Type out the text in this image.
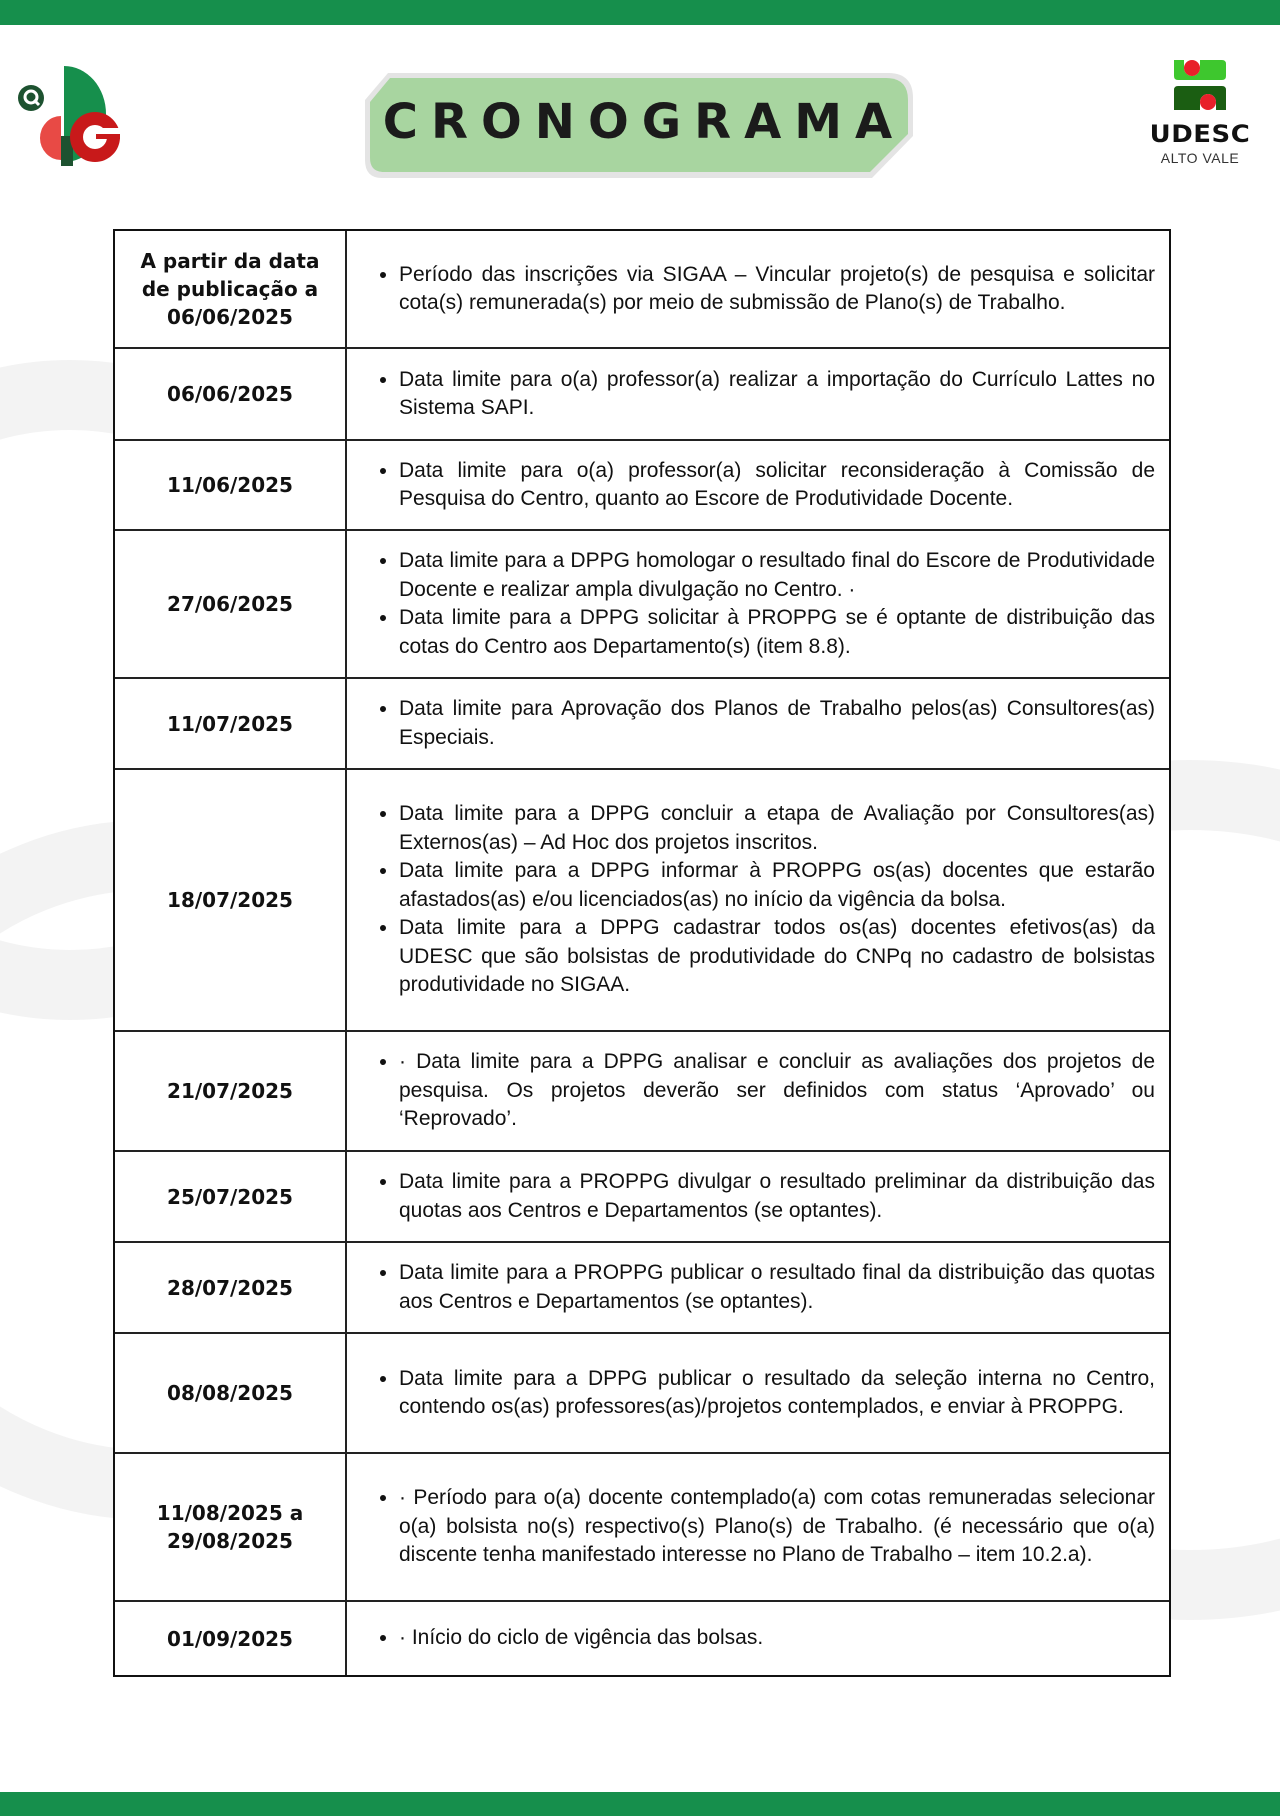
CRONOGRAMA	UDESC
ALTO VALE
A partir da data de publicação a 06/06/2025
• Período das inscrições via SIGAA – Vincular projeto(s) de pesquisa e solicitar cota(s) remunerada(s) por meio de submissão de Plano(s) de Trabalho.
06/06/2025
• Data limite para o(a) professor(a) realizar a importação do Currículo Lattes no Sistema SAPI.
11/06/2025
• Data limite para o(a) professor(a) solicitar reconsideração à Comissão de Pesquisa do Centro, quanto ao Escore de Produtividade Docente.
27/06/2025
• Data limite para a DPPG homologar o resultado final do Escore de Produtividade Docente e realizar ampla divulgação no Centro. ·
• Data limite para a DPPG solicitar à PROPPG se é optante de distribuição das cotas do Centro aos Departamento(s) (item 8.8).
11/07/2025
• Data limite para Aprovação dos Planos de Trabalho pelos(as) Consultores(as) Especiais.
18/07/2025
• Data limite para a DPPG concluir a etapa de Avaliação por Consultores(as) Externos(as) – Ad Hoc dos projetos inscritos.
• Data limite para a DPPG informar à PROPPG os(as) docentes que estarão afastados(as) e/ou licenciados(as) no início da vigência da bolsa.
• Data limite para a DPPG cadastrar todos os(as) docentes efetivos(as) da UDESC que são bolsistas de produtividade do CNPq no cadastro de bolsistas produtividade no SIGAA.
21/07/2025
• · Data limite para a DPPG analisar e concluir as avaliações dos projetos de pesquisa. Os projetos deverão ser definidos com status ‘Aprovado’ ou ‘Reprovado’.
25/07/2025
• Data limite para a PROPPG divulgar o resultado preliminar da distribuição das quotas aos Centros e Departamentos (se optantes).
28/07/2025
• Data limite para a PROPPG publicar o resultado final da distribuição das quotas aos Centros e Departamentos (se optantes).
08/08/2025
• Data limite para a DPPG publicar o resultado da seleção interna no Centro, contendo os(as) professores(as)/projetos contemplados, e enviar à PROPPG.
11/08/2025 a 29/08/2025
• · Período para o(a) docente contemplado(a) com cotas remuneradas selecionar o(a) bolsista no(s) respectivo(s) Plano(s) de Trabalho. (é necessário que o(a) discente tenha manifestado interesse no Plano de Trabalho – item 10.2.a).
01/09/2025	• · Início do ciclo de vigência das bolsas.
